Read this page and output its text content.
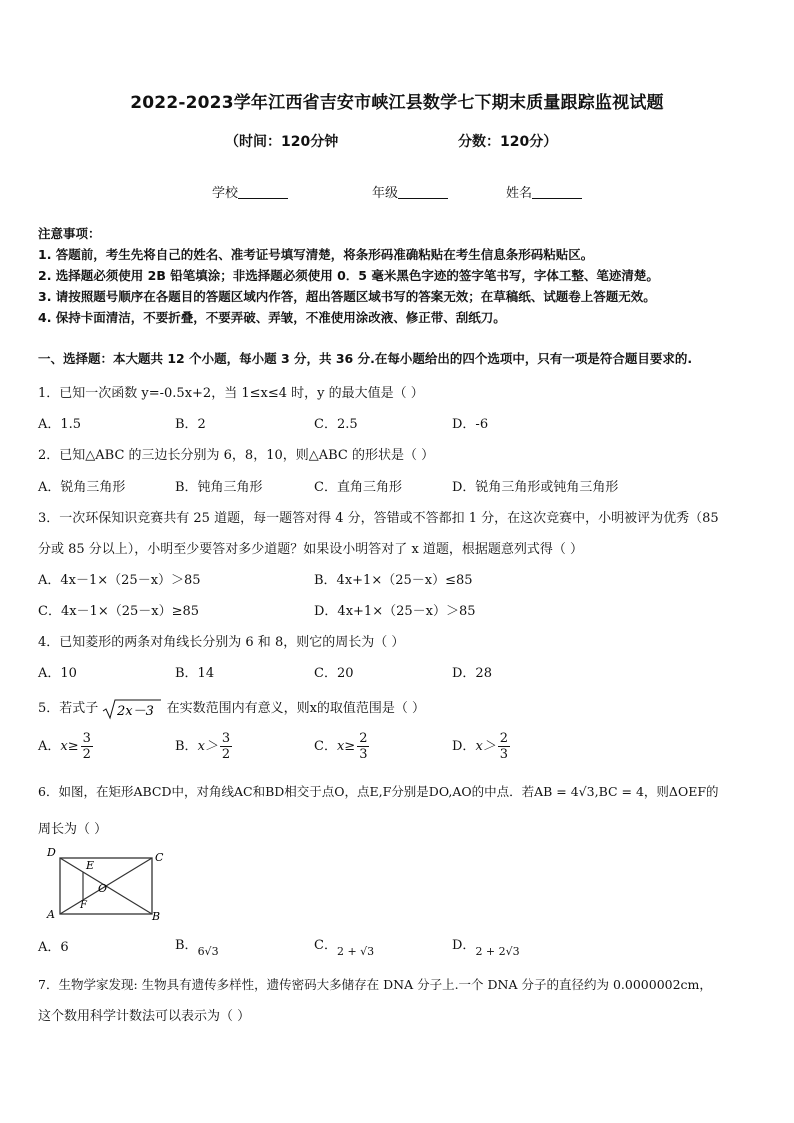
2022-2023学年江西省吉安市峡江县数学七下期末质量跟踪监视试题
（时间：120分钟	分数：120分）
学校	年级	姓名
注意事项：
1. 答题前，考生先将自己的姓名、准考证号填写清楚，将条形码准确粘贴在考生信息条形码粘贴区。
2. 选择题必须使用 2B 铅笔填涂；非选择题必须使用 0．5 毫米黑色字迹的签字笔书写，字体工整、笔迹清楚。
3. 请按照题号顺序在各题目的答题区域内作答，超出答题区域书写的答案无效；在草稿纸、试题卷上答题无效。
4. 保持卡面清洁，不要折叠，不要弄破、弄皱，不准使用涂改液、修正带、刮纸刀。
一、选择题：本大题共 12 个小题，每小题 3 分，共 36 分.在每小题给出的四个选项中，只有一项是符合题目要求的.
1．已知一次函数 y=-0.5x+2，当 1≤x≤4 时，y 的最大值是（ ）
A．1.5	B．2	C．2.5	D．-6
2．已知△ABC 的三边长分别为 6，8，10，则△ABC 的形状是（ ）
A．锐角三角形	B．钝角三角形	C．直角三角形	D．锐角三角形或钝角三角形
3．一次环保知识竞赛共有 25 道题，每一题答对得 4 分，答错或不答都扣 1 分，在这次竞赛中，小明被评为优秀（85
分或 85 分以上），小明至少要答对多少道题？如果设小明答对了 x 道题，根据题意列式得（ ）
A．4x－1×（25－x）＞85	B．4x+1×（25－x）≤85
C．4x－1×（25－x）≥85	D．4x+1×（25－x）＞85
4．已知菱形的两条对角线长分别为 6 和 8，则它的周长为（ ）
A．10	B．14	C．20	D．28
5．若式子 2x－3 在实数范围内有意义，则x的取值范围是（ ）
A．$x\ge \frac{3}{2}$	B．$x> \frac{3}{2}$	C．$x\ge \frac{2}{3}$	D．$x> \frac{2}{3}$
6．如图，在矩形ABCD中，对角线AC和BD相交于点O，点E,F分别是DO,AO的中点．若AB = 4√3,BC = 4，则ΔOEF的
周长为（ ）
D	C
E
O
F
A	B
A．6	B．$_{6√3}$	C．$_{2 + √3}$	D．$_{2 + 2√3}$
7．生物学家发现: 生物具有遗传多样性，遗传密码大多储存在 DNA 分子上.一个 DNA 分子的直径约为 0.0000002cm，
这个数用科学计数法可以表示为（ ）
